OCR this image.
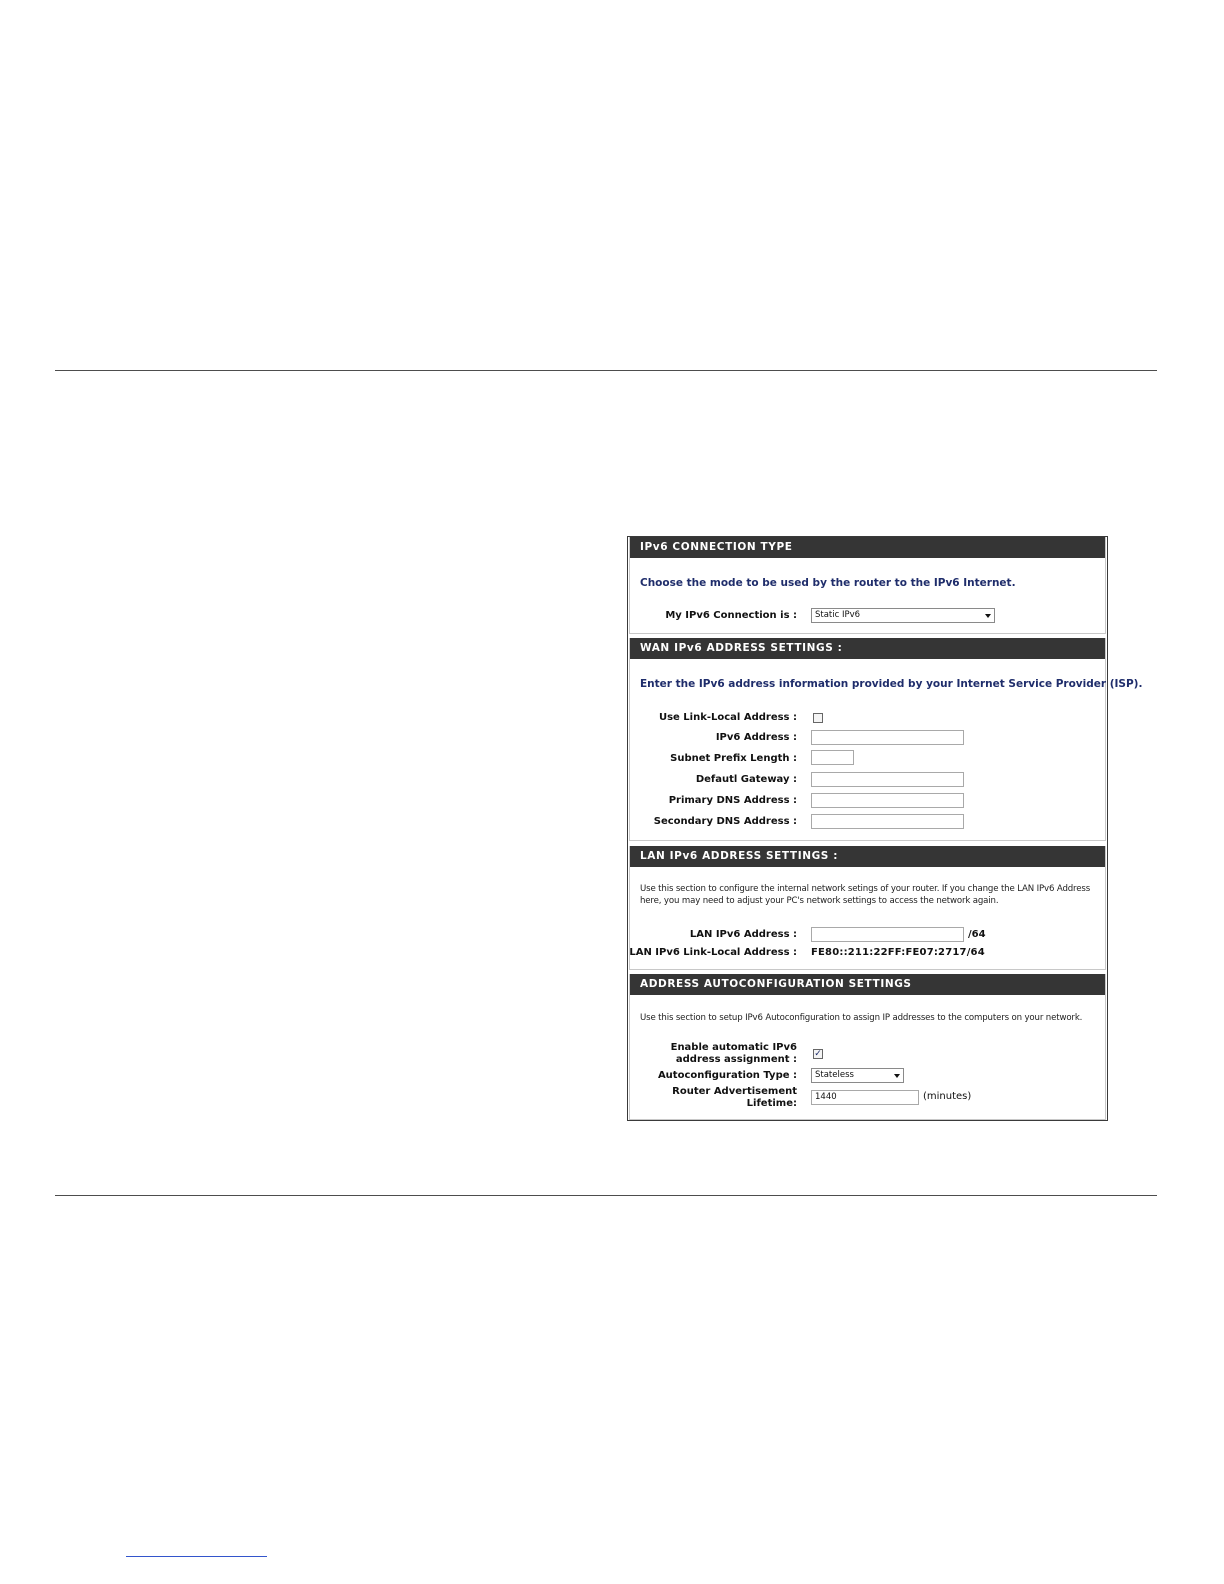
IPv6 CONNECTION TYPE
Choose the mode to be used by the router to the IPv6 Internet.
My IPv6 Connection is :	Static IPv6
WAN IPv6 ADDRESS SETTINGS :
Enter the IPv6 address information provided by your Internet Service Provider (ISP).
Use Link-Local Address :
IPv6 Address :
Subnet Prefix Length :
Defautl Gateway :
Primary DNS Address :
Secondary DNS Address :
LAN IPv6 ADDRESS SETTINGS :
Use this section to configure the internal network setings of your router. If you change the LAN IPv6 Address here, you may need to adjust your PC's network settings to access the network again.
LAN IPv6 Address :	/64
LAN IPv6 Link-Local Address : FE80::211:22FF:FE07:2717/64
ADDRESS AUTOCONFIGURATION SETTINGS
Use this section to setup IPv6 Autoconfiguration to assign IP addresses to the computers on your network.
Enable automatic IPv6
address assignment : ✓
Autoconfiguration Type :	Stateless
Router Advertisement
Lifetime:
1440	(minutes)
